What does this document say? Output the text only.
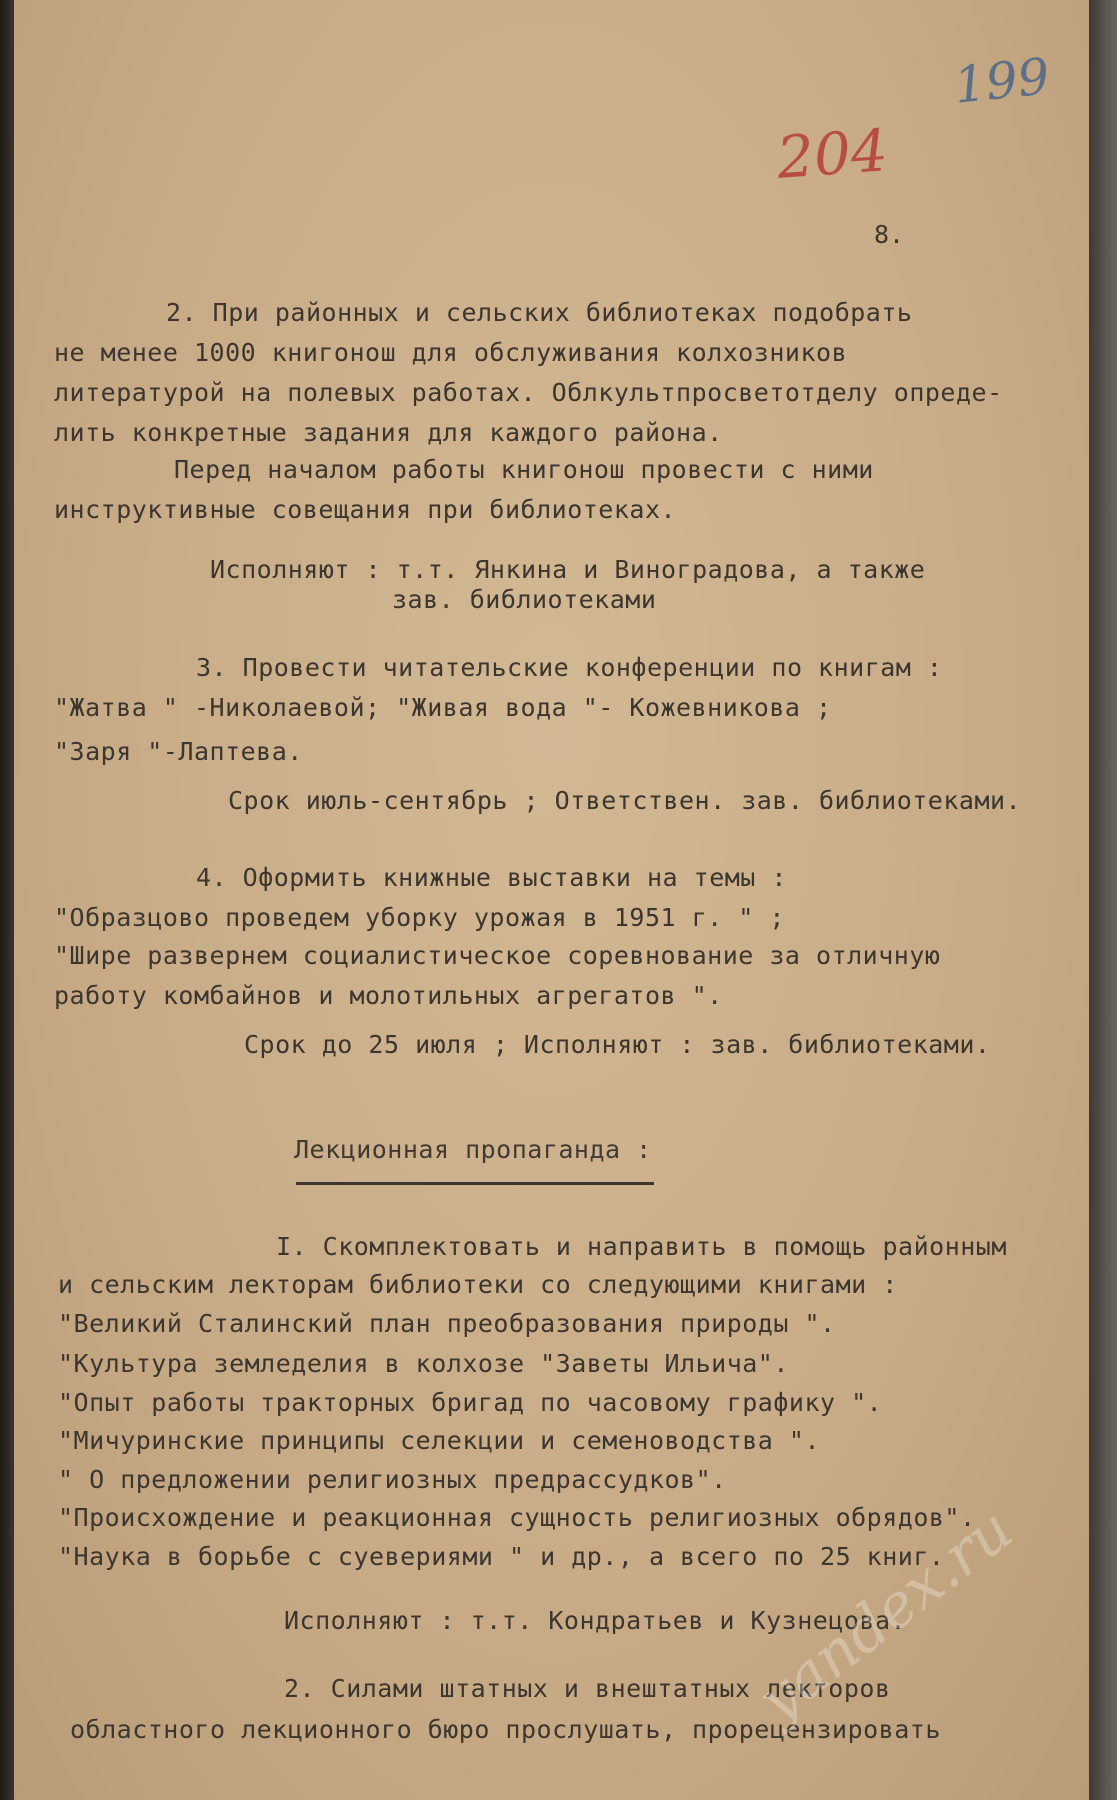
199
204
8.
2. При районных и сельских библиотеках подобрать
не менее 1000 книгонош для обслуживания колхозников
литературой на полевых работах. Облкультпросветотделу опреде-
лить конкретные задания для каждого района.
Перед началом работы книгонош провести с ними
инструктивные совещания при библиотеках.
Исполняют : т.т. Янкина и Виноградова, а также
зав. библиотеками
3. Провести читательские конференции по книгам :
"Жатва " -Николаевой; "Живая вода "- Кожевникова ;
"Заря "-Лаптева.
Срок июль-сентябрь ; Ответствен. зав. библиотеками.
4. Оформить книжные выставки на темы :
"Образцово проведем уборку урожая в 1951 г. " ;
"Шире развернем социалистическое соревнование за отличную
работу комбайнов и молотильных агрегатов ".
Срок до 25 июля ; Исполняют : зав. библиотеками.
Лекционная пропаганда :
I. Скомплектовать и направить в помощь районным
и сельским лекторам библиотеки со следующими книгами :
"Великий Сталинский план преобразования природы ".
"Культура земледелия в колхозе "Заветы Ильича".
"Опыт работы тракторных бригад по часовому графику ".
"Мичуринские принципы селекции и семеноводства ".
" О предложении религиозных предрассудков".
"Происхождение и реакционная сущность религиозных обрядов".
"Наука в борьбе с суевериями " и др., а всего по 25 книг.
Исполняют : т.т. Кондратьев и Кузнецова.
2. Силами штатных и внештатных лекторов
областного лекционного бюро прослушать, прорецензировать
yandex.ru
